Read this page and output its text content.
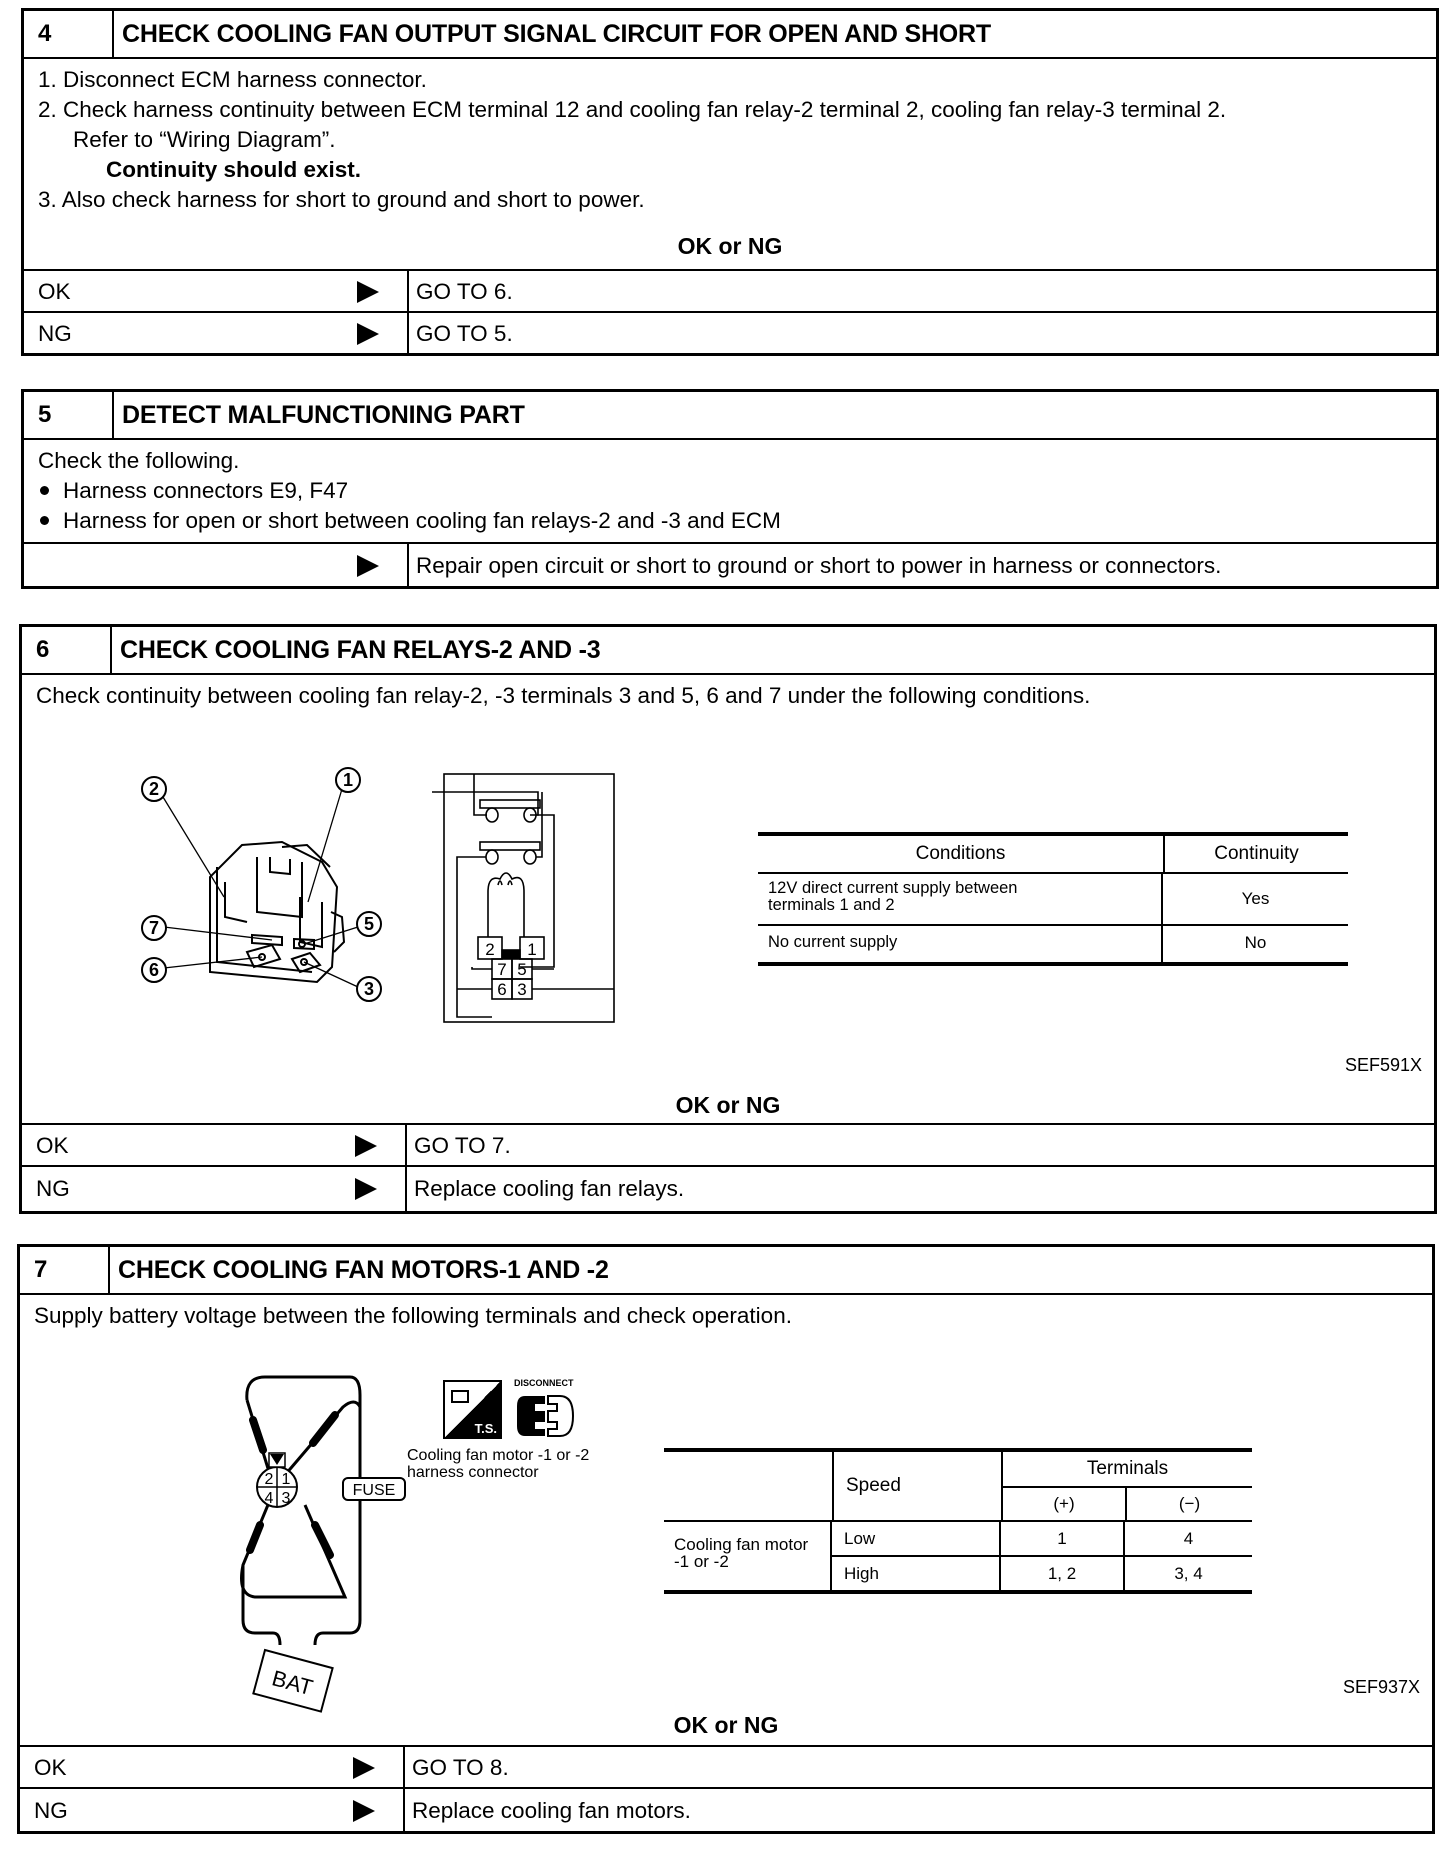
4	CHECK COOLING FAN OUTPUT SIGNAL CIRCUIT FOR OPEN AND SHORT
1. Disconnect ECM harness connector.
2. Check harness continuity between ECM terminal 12 and cooling fan relay-2 terminal 2, cooling fan relay-3 terminal 2.
Refer to “Wiring Diagram”.
Continuity should exist.
3. Also check harness for short to ground and short to power.
OK or NG
OK	GO TO 6.
NG	GO TO 5.
5	DETECT MALFUNCTIONING PART
Check the following.
Harness connectors E9, F47
Harness for open or short between cooling fan relays-2 and -3 and ECM
Repair open circuit or short to ground or short to power in harness or connectors.
6	CHECK COOLING FAN RELAYS-2 AND -3
Check continuity between cooling fan relay-2, -3 terminals 3 and 5, 6 and 7 under the following conditions.
2	1
7	5
6
3
2 1
7 5
6 3
Conditions	Continuity
12V direct current supply between
terminals 1 and 2	Yes
No current supply	No
SEF591X
OK or NG
OK	GO TO 7.
NG	Replace cooling fan relays.
7	CHECK COOLING FAN MOTORS-1 AND -2
Supply battery voltage between the following terminals and check operation.
2 1
4 3	FUSE
BAT
T.S.
DISCONNECT
Cooling fan motor -1 or -2
harness connector
Speed
Terminals
(+)	(−)
Cooling fan motor
-1 or -2
Low	1	4
High	1, 2	3, 4
SEF937X
OK or NG
OK	GO TO 8.
NG	Replace cooling fan motors.
